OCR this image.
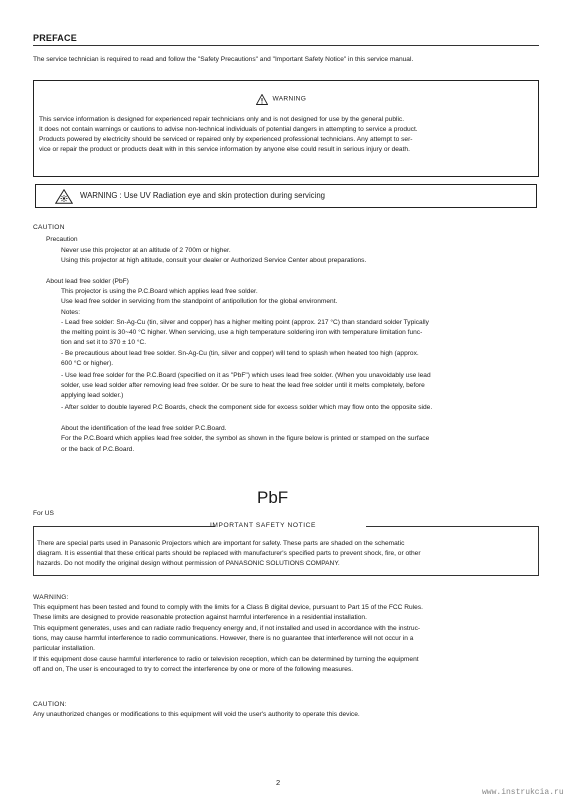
PREFACE
The service technician is required to read and follow the "Safety Precautions" and "Important Safety Notice" in this service manual.
WARNING
This service information is designed for experienced repair technicians only and is not designed for use by the general public.
It does not contain warnings or cautions to advise non-technical individuals of potential dangers in attempting to service a product.
Products powered by electricity should be serviced or repaired only by experienced professional technicians. Any attempt to ser-
vice or repair the product or products dealt with in this service information by anyone else could result in serious injury or death.
WARNING : Use UV Radiation eye and skin protection during servicing
CAUTION
Precaution
Never use this projector at an altitude of 2 700m or higher.
Using this projector at high altitude, consult your dealer or Authorized Service Center about preparations.
About lead free solder (PbF)
This projector is using the P.C.Board which applies lead free solder.
Use lead free solder in servicing from the standpoint of antipollution for the global environment.
Notes:
- Lead free solder: Sn-Ag-Cu (tin, silver and copper) has a higher melting point (approx. 217 °C) than standard solder Typically
the melting point is 30~40 °C higher. When servicing, use a high temperature soldering iron with temperature limitation func-
tion and set it to 370 ± 10 °C.
- Be precautious about lead free solder. Sn-Ag-Cu (tin, silver and copper) will tend to splash when heated too high (approx.
600 °C or higher).
- Use lead free solder for the P.C.Board (specified on it as "PbF") which uses lead free solder. (When you unavoidably use lead
solder, use lead solder after removing lead free solder. Or be sure to heat the lead free solder until it melts completely, before
applying lead solder.)
- After solder to double layered P.C Boards, check the component side for excess solder which may flow onto the opposite side.
About the identification of the lead free solder P.C.Board.
For the P.C.Board which applies lead free solder, the symbol as shown in the figure below is printed or stamped on the surface
or the back of P.C.Board.
PbF
For US
IMPORTANT SAFETY NOTICE
There are special parts used in Panasonic Projectors which are important for safety. These parts are shaded on the schematic
diagram. It is essential that these critical parts should be replaced with manufacturer's specified parts to prevent shock, fire, or other
hazards. Do not modify the original design without permission of PANASONIC SOLUTIONS COMPANY.
WARNING:
This equipment has been tested and found to comply with the limits for a Class B digital device, pursuant to Part 15 of the FCC Rules.
These limits are designed to provide reasonable protection against harmful interference in a residential installation.
This equipment generates, uses and can radiate radio frequency energy and, if not installed and used in accordance with the instruc-
tions, may cause harmful interference to radio communications. However, there is no guarantee that interference will not occur in a
particular installation.
If this equipment dose cause harmful interference to radio or television reception, which can be determined by turning the equipment
off and on, The user is encouraged to try to correct the interference by one or more of the following measures.
CAUTION:
Any unauthorized changes or modifications to this equipment will void the user's authority to operate this device.
2
www.instrukcia.ru
